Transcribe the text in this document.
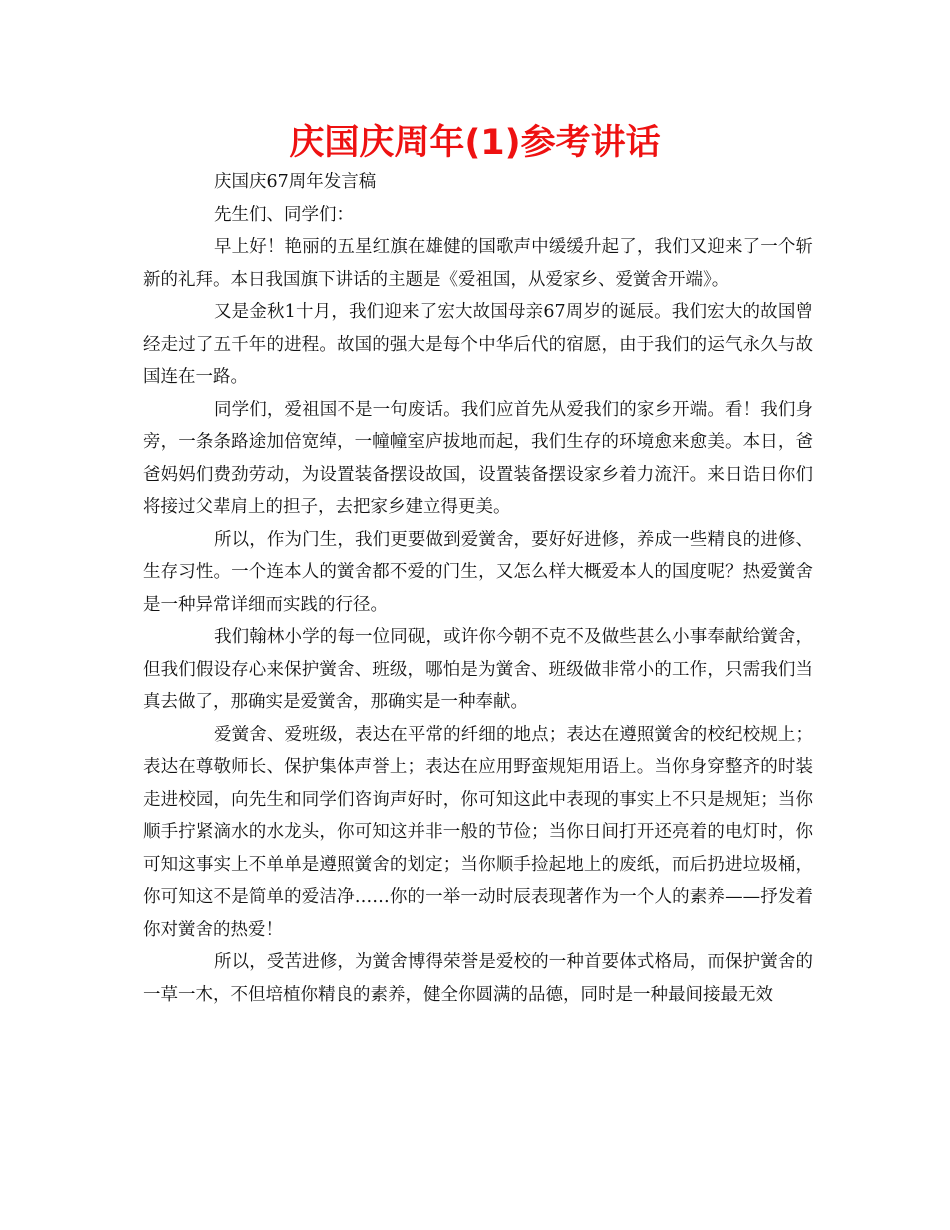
庆国庆周年(1)参考讲话

庆国庆67周年发言稿

先生们、同学们：

早上好！艳丽的五星红旗在雄健的国歌声中缓缓升起了，我们又迎来了一个斩新的礼拜。本日我国旗下讲话的主题是《爱祖国，从爱家乡、爱黉舍开端》。

又是金秋1十月，我们迎来了宏大故国母亲67周岁的诞辰。我们宏大的故国曾经走过了五千年的进程。故国的强大是每个中华后代的宿愿，由于我们的运气永久与故国连在一路。

同学们，爱祖国不是一句废话。我们应首先从爱我们的家乡开端。看！我们身旁，一条条路途加倍宽绰，一幢幢室庐拔地而起，我们生存的环境愈来愈美。本日，爸爸妈妈们费劲劳动，为设置装备摆设故国，设置装备摆设家乡着力流汗。来日诰日你们将接过父辈肩上的担子，去把家乡建立得更美。

所以，作为门生，我们更要做到爱黉舍，要好好进修，养成一些精良的进修、生存习性。一个连本人的黉舍都不爱的门生，又怎么样大概爱本人的国度呢？热爱黉舍是一种异常详细而实践的行径。

我们翰林小学的每一位同砚，或许你今朝不克不及做些甚么小事奉献给黉舍，但我们假设存心来保护黉舍、班级，哪怕是为黉舍、班级做非常小的工作，只需我们当真去做了，那确实是爱黉舍，那确实是一种奉献。

爱黉舍、爱班级，表达在平常的纤细的地点；表达在遵照黉舍的校纪校规上；表达在尊敬师长、保护集体声誉上；表达在应用野蛮规矩用语上。当你身穿整齐的时装走进校园，向先生和同学们咨询声好时，你可知这此中表现的事实上不只是规矩；当你顺手拧紧滴水的水龙头，你可知这并非一般的节俭；当你日间打开还亮着的电灯时，你可知这事实上不单单是遵照黉舍的划定；当你顺手捡起地上的废纸，而后扔进垃圾桶，你可知这不是简单的爱洁净……你的一举一动时辰表现著作为一个人的素养——抒发着你对黉舍的热爱！

所以，受苦进修，为黉舍博得荣誉是爱校的一种首要体式格局，而保护黉舍的一草一木，不但培植你精良的素养，健全你圆满的品德，同时是一种最间接最无效
